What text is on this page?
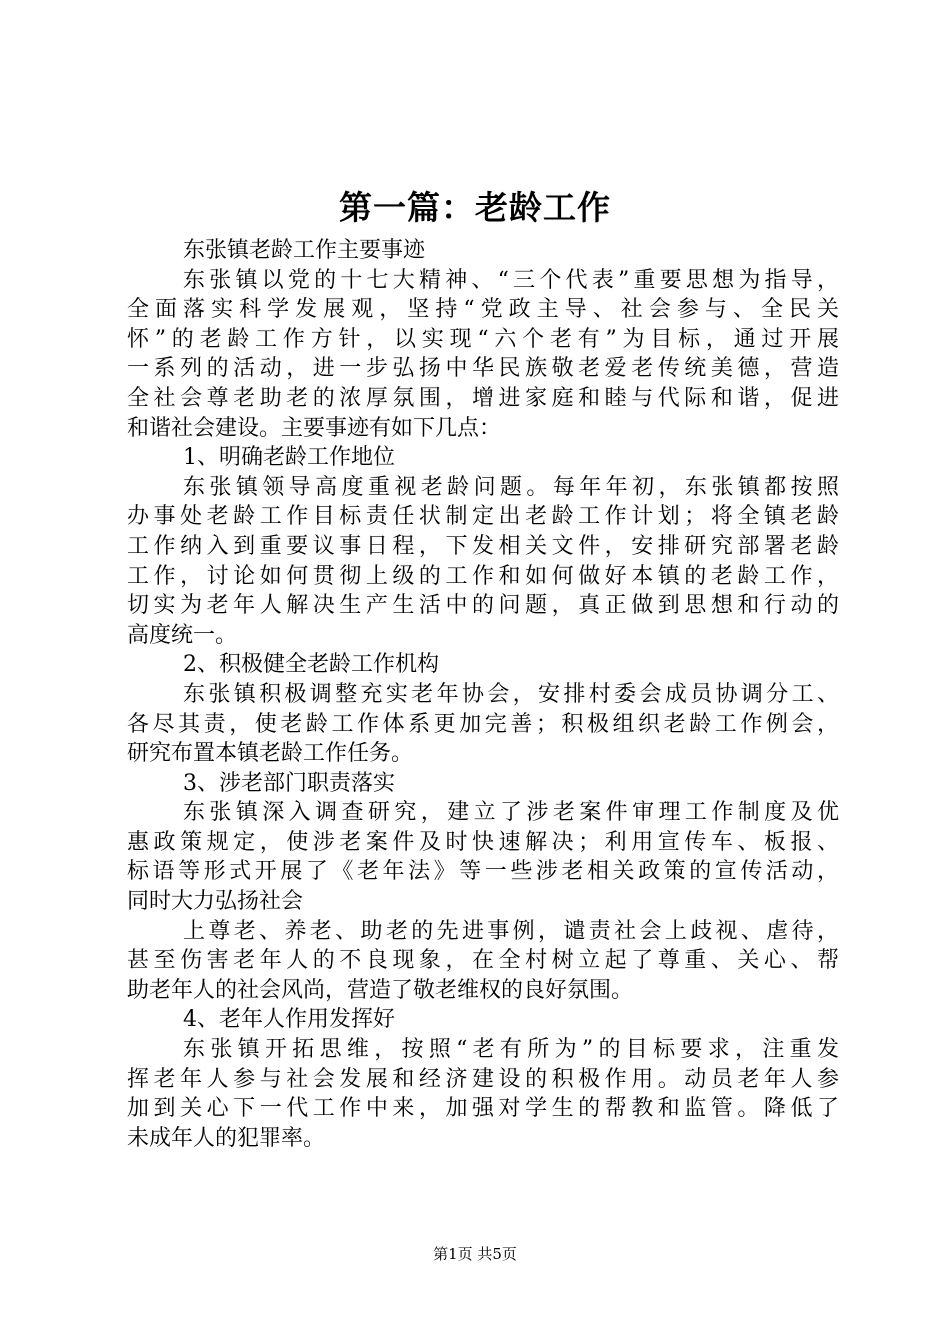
第一篇：老龄工作
东张镇老龄工作主要事迹
东张镇以党的十七大精神、“三个代表”重要思想为指导，
全面落实科学发展观，坚持“党政主导、社会参与、全民关
怀”的老龄工作方针，以实现“六个老有”为目标，通过开展
一系列的活动，进一步弘扬中华民族敬老爱老传统美德，营造
全社会尊老助老的浓厚氛围，增进家庭和睦与代际和谐，促进
和谐社会建设。主要事迹有如下几点：
1、明确老龄工作地位
东张镇领导高度重视老龄问题。每年年初，东张镇都按照
办事处老龄工作目标责任状制定出老龄工作计划；将全镇老龄
工作纳入到重要议事日程，下发相关文件，安排研究部署老龄
工作，讨论如何贯彻上级的工作和如何做好本镇的老龄工作，
切实为老年人解决生产生活中的问题，真正做到思想和行动的
高度统一。
2、积极健全老龄工作机构
东张镇积极调整充实老年协会，安排村委会成员协调分工、
各尽其责，使老龄工作体系更加完善；积极组织老龄工作例会，
研究布置本镇老龄工作任务。
3、涉老部门职责落实
东张镇深入调查研究，建立了涉老案件审理工作制度及优
惠政策规定，使涉老案件及时快速解决；利用宣传车、板报、
标语等形式开展了《老年法》等一些涉老相关政策的宣传活动，
同时大力弘扬社会
上尊老、养老、助老的先进事例，谴责社会上歧视、虐待，
甚至伤害老年人的不良现象，在全村树立起了尊重、关心、帮
助老年人的社会风尚，营造了敬老维权的良好氛围。
4、老年人作用发挥好
东张镇开拓思维，按照“老有所为”的目标要求，注重发
挥老年人参与社会发展和经济建设的积极作用。动员老年人参
加到关心下一代工作中来，加强对学生的帮教和监管。降低了
未成年人的犯罪率。
第1页 共5页
